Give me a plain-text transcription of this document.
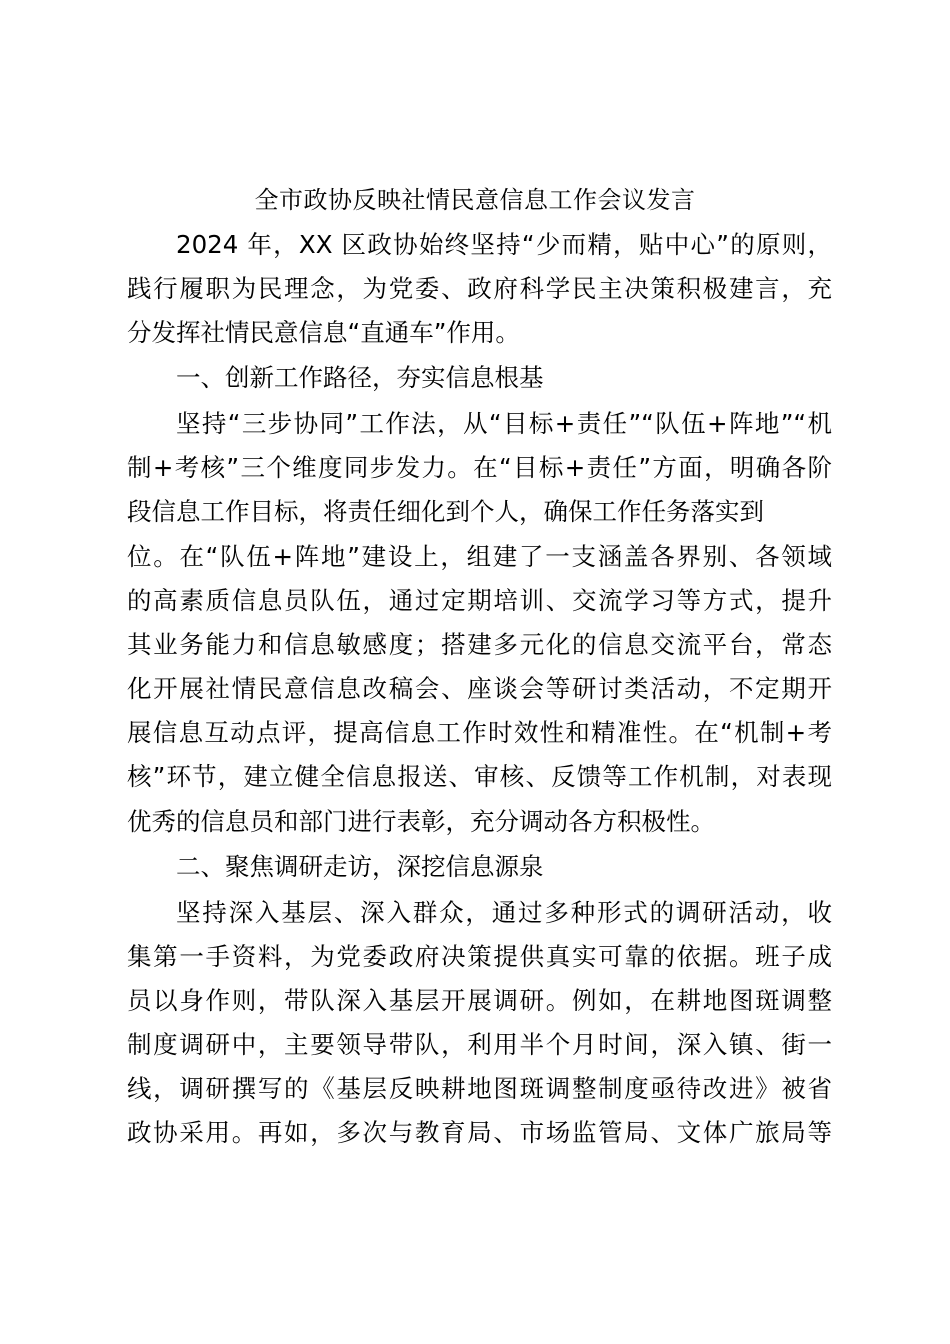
全市政协反映社情民意信息工作会议发言
2024 年，XX 区政协始终坚持“少而精，贴中心”的原则，
践行履职为民理念，为党委、政府科学民主决策积极建言，充
分发挥社情民意信息“直通车”作用。
一、创新工作路径，夯实信息根基
坚持“三步协同”工作法，从“目标+责任”“队伍+阵地”“机
制+考核”三个维度同步发力。在“目标+责任”方面，明确各阶
段信息工作目标，将责任细化到个人，确保工作任务落实到
位。在“队伍+阵地”建设上，组建了一支涵盖各界别、各领域
的高素质信息员队伍，通过定期培训、交流学习等方式，提升
其业务能力和信息敏感度；搭建多元化的信息交流平台，常态
化开展社情民意信息改稿会、座谈会等研讨类活动，不定期开
展信息互动点评，提高信息工作时效性和精准性。在“机制+考
核”环节，建立健全信息报送、审核、反馈等工作机制，对表现
优秀的信息员和部门进行表彰，充分调动各方积极性。
二、聚焦调研走访，深挖信息源泉
坚持深入基层、深入群众，通过多种形式的调研活动，收
集第一手资料，为党委政府决策提供真实可靠的依据。班子成
员以身作则，带队深入基层开展调研。例如，在耕地图斑调整
制度调研中，主要领导带队，利用半个月时间，深入镇、街一
线，调研撰写的《基层反映耕地图斑调整制度亟待改进》被省
政协采用。再如，多次与教育局、市场监管局、文体广旅局等
